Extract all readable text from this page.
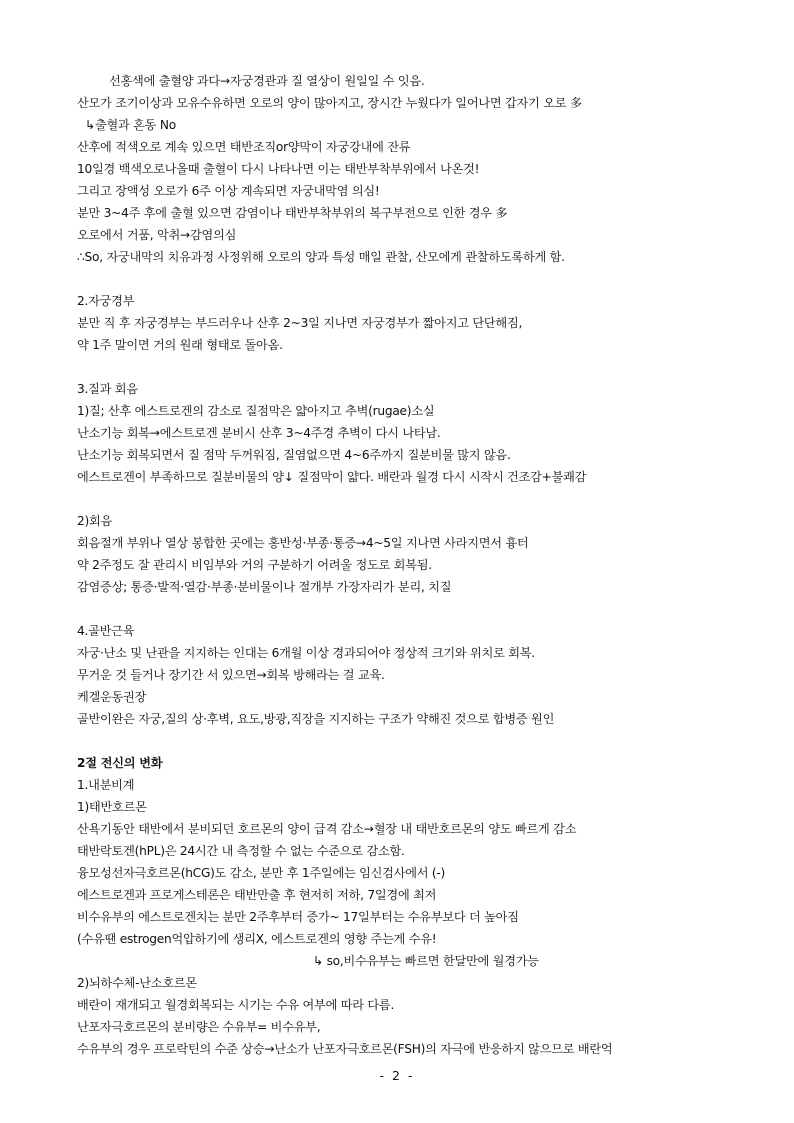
선홍색에 출혈양 과다→자궁경관과 질 열상이 원일일 수 잇음.
산모가 조기이상과 모유수유하면 오로의 양이 많아지고, 장시간 누웠다가 일어나면 갑자기 오로 多
↳출혈과 혼동 No
산후에 적색오로 계속 있으면 태반조직or양막이 자궁강내에 잔류
10일경 백색오로나올때 출혈이 다시 나타나면 이는 태반부착부위에서 나온것!
그리고 장액성 오로가 6주 이상 계속되면 자궁내막염 의심!
분만 3~4주 후에 출혈 있으면 감염이나 태반부착부위의 복구부전으로 인한 경우 多
오로에서 거품, 악취→감염의심
∴So, 자궁내막의 치유과정 사정위해 오로의 양과 특성 매일 관찰, 산모에게 관찰하도록하게 함.
2.자궁경부
분만 직 후 자궁경부는 부드러우나 산후 2~3일 지나면 자궁경부가 짧아지고 단단해짐,
약 1주 말이면 거의 원래 형태로 돌아옴.
3.질과 회음
1)질; 산후 에스트로겐의 감소로 질점막은 얇아지고 추벽(rugae)소실
난소기능 회복→에스트로겐 분비시 산후 3~4주경 추벽이 다시 나타남.
난소기능 회복되면서 질 점막 두꺼워짐, 질염없으면 4~6주까지 질분비물 많지 않음.
에스트로겐이 부족하므로 질분비물의 양↓ 질점막이 얇다. 배란과 월경 다시 시작시 건조감+불쾌감
2)회음
회음절개 부위나 열상 봉합한 곳에는 홍반성·부종·통증→4~5일 지나면 사라지면서 흉터
약 2주정도 잘 관리시 비임부와 거의 구분하기 어려울 정도로 회복됨.
감염증상; 통증·발적·열감·부종·분비물이나 절개부 가장자리가 분리, 치질
4.골반근육
자궁·난소 및 난관을 지지하는 인대는 6개월 이상 경과되어야 정상적 크기와 위치로 회복.
무거운 것 들거나 장기간 서 있으면→회복 방해라는 걸 교육.
케겔운동권장
골반이완은 자궁,질의 상·후벽, 요도,방광,직장을 지지하는 구조가 약해진 것으로 합병증 원인
2절 전신의 변화
1.내분비계
1)태반호르몬
산욕기동안 태반에서 분비되던 호르몬의 양이 급격 감소→혈장 내 태반호르몬의 양도 빠르게 감소
태반락토겐(hPL)은 24시간 내 측정할 수 없는 수준으로 감소함.
융모성선자극호르몬(hCG)도 감소, 분만 후 1주일에는 임신검사에서 (-)
에스트로겐과 프로게스테론은 태반만출 후 현저히 저하, 7일경에 최저
비수유부의 에스트로겐치는 분만 2주후부터 증가~ 17일부터는 수유부보다 더 높아짐
(수유땐 estrogen억압하기에 생리X, 에스트로겐의 영향 주는게 수유!
↳ so,비수유부는 빠르면 한달만에 월경가능
2)뇌하수체-난소호르몬
배란이 재개되고 월경회복되는 시기는 수유 여부에 따라 다름.
난포자극호르몬의 분비량은 수유부= 비수유부,
수유부의 경우 프로락틴의 수준 상승→난소가 난포자극호르몬(FSH)의 자극에 반응하지 않으므로 배란억
- 2 -
